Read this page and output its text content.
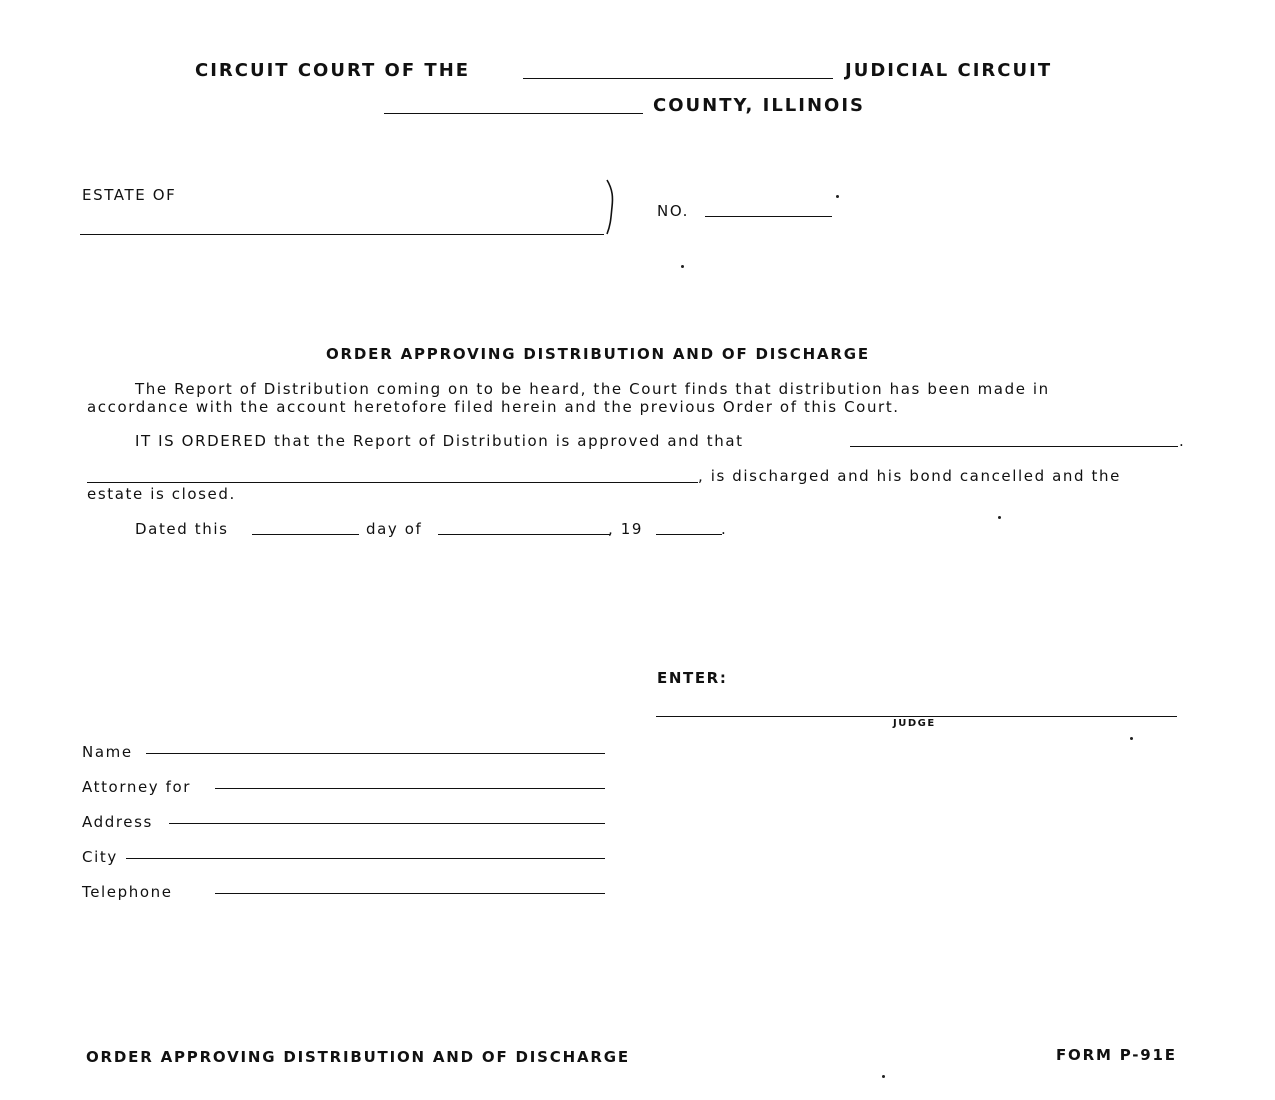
CIRCUIT COURT OF THE	JUDICIAL CIRCUIT
COUNTY, ILLINOIS
ESTATE OF
NO.
ORDER APPROVING DISTRIBUTION AND OF DISCHARGE
The Report of Distribution coming on to be heard, the Court finds that distribution has been made in
accordance with the account heretofore filed herein and the previous Order of this Court.
IT IS ORDERED that the Report of Distribution is approved and that	.
, is discharged and his bond cancelled and the
estate is closed.
Dated this	day of	, 19	.
ENTER:
JUDGE
Name
Attorney for
Address
City
Telephone
ORDER APPROVING DISTRIBUTION AND OF DISCHARGE	FORM P-91E
